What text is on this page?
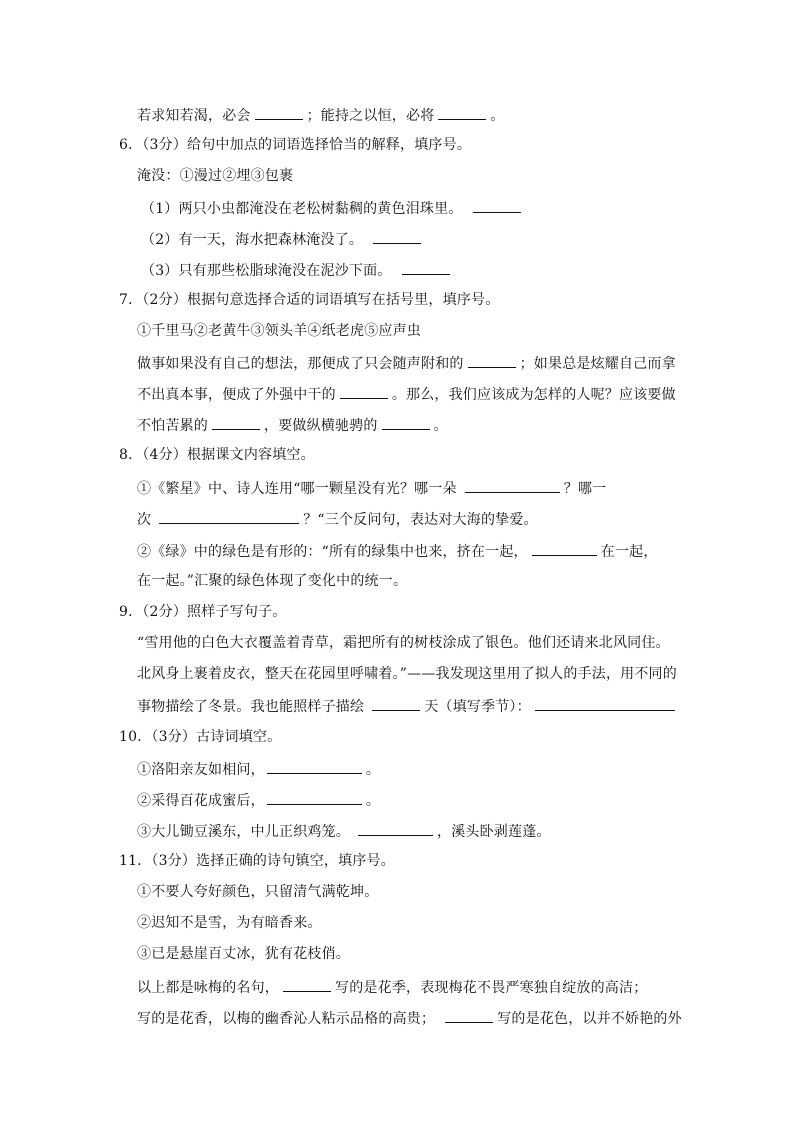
若求知若渴，必会	；能持之以恒，必将	。
6．（3分）给句中加点的词语选择恰当的解释，填序号。
淹没：①漫过②埋③包裹
（1）两只小虫都淹没在老松树黏稠的黄色泪珠里。
（2）有一天，海水把森林淹没了。
（3）只有那些松脂球淹没在泥沙下面。
7．（2分）根据句意选择合适的词语填写在括号里，填序号。
①千里马②老黄牛③领头羊④纸老虎⑤应声虫
做事如果没有自己的想法，那便成了只会随声附和的	；如果总是炫耀自己而拿
不出真本事，便成了外强中干的	。那么，我们应该成为怎样的人呢？应该要做
不怕苦累的	，要做纵横驰骋的	。
8．（4分）根据课文内容填空。
①《繁星》中、诗人连用“哪一颗星没有光？哪一朵	？哪一
次	？“三个反问句，表达对大海的挚爱。
②《绿》中的绿色是有形的：“所有的绿集中也来，挤在一起，	在一起，
在一起。”汇聚的绿色体现了变化中的统一。
9．（2分）照样子写句子。
“雪用他的白色大衣覆盖着青草，霜把所有的树枝涂成了银色。他们还请来北风同住。
北风身上裹着皮衣，整天在花园里呼啸着。”——我发现这里用了拟人的手法，用不同的
事物描绘了冬景。我也能照样子描绘	天（填写季节）：
10．（3分）古诗词填空。
①洛阳亲友如相问，	。
②采得百花成蜜后，	。
③大儿锄豆溪东，中儿正织鸡笼。	，溪头卧剥莲蓬。
11．（3分）选择正确的诗句镇空，填序号。
①不要人夸好颜色，只留清气满乾坤。
②迟知不是雪，为有暗香来。
③已是悬崖百丈冰，犹有花枝俏。
以上都是咏梅的名句，	写的是花季，表现梅花不畏严寒独自绽放的高洁；
写的是花香，以梅的幽香沁人粘示品格的高贵；	写的是花色，以并不娇艳的外
